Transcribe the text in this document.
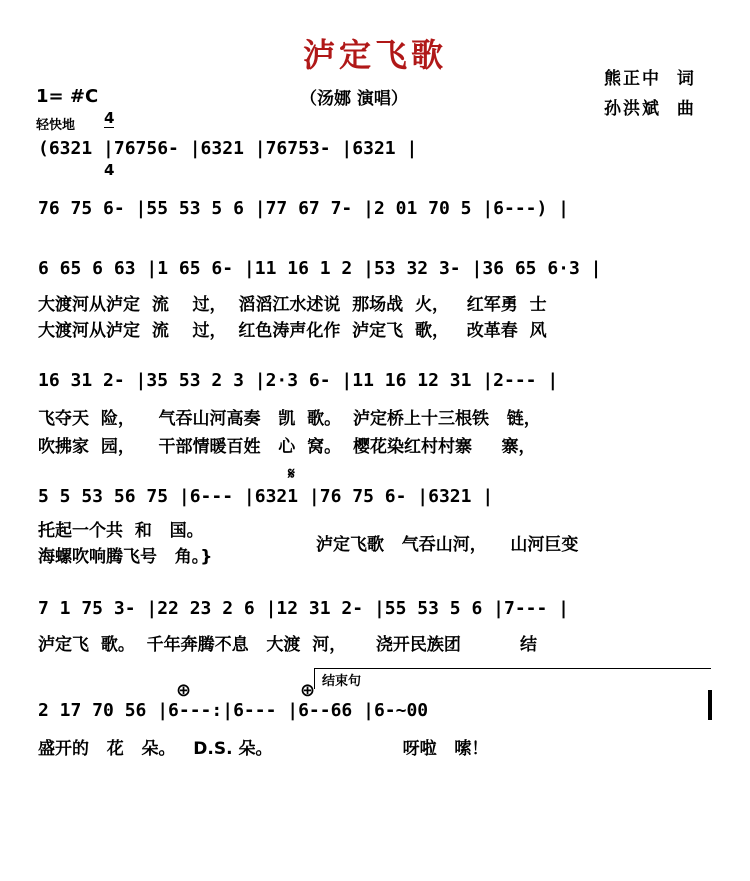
泸定飞歌
1= #C

4

4

（汤娜 演唱）
熊正中  词
孙洪斌  曲
轻快地
(6321 |76756- |6321 |76753- |6321 |
76 75 6- |55 53 5 6 |77 67 7- |2 01 70 5 |6---) |
6 65 6 63 |1 65 6- |11 16 1 2 |53 32 3- |36 65 6·3 |
大渡河从泸定  流    过，  滔滔江水述说  那场战  火，   红军勇  士
大渡河从泸定  流    过，  红色涛声化作  泸定飞  歌，   改革春  风
16 31 2- |35 53 2 3 |2·3 6- |11 16 12 31 |2--- |
飞夺天  险，    气吞山河高奏   凯  歌。  泸定桥上十三根铁   链，
吹拂家  园，    干部情暖百姓   心  窝。  樱花染红村村寨     寨，
𝄋
5 5 53 56 75 |6--- |6321 |76 75 6- |6321 |
托起一个共  和   国。
海螺吹响腾飞号   角。}
泸定飞歌   气吞山河，    山河巨变
7 1 75 3- |22 23 2 6 |12 31 2- |55 53 5 6 |7--- |
泸定飞  歌。  千年奔腾不息   大渡  河，     浇开民族团          结
⊕	⊕ 结束句
2 17 70 56 |6---:|6--- |6--66 |6-~00
盛开的   花   朵。   D.S. 朵。                      呀啦   嗦！
